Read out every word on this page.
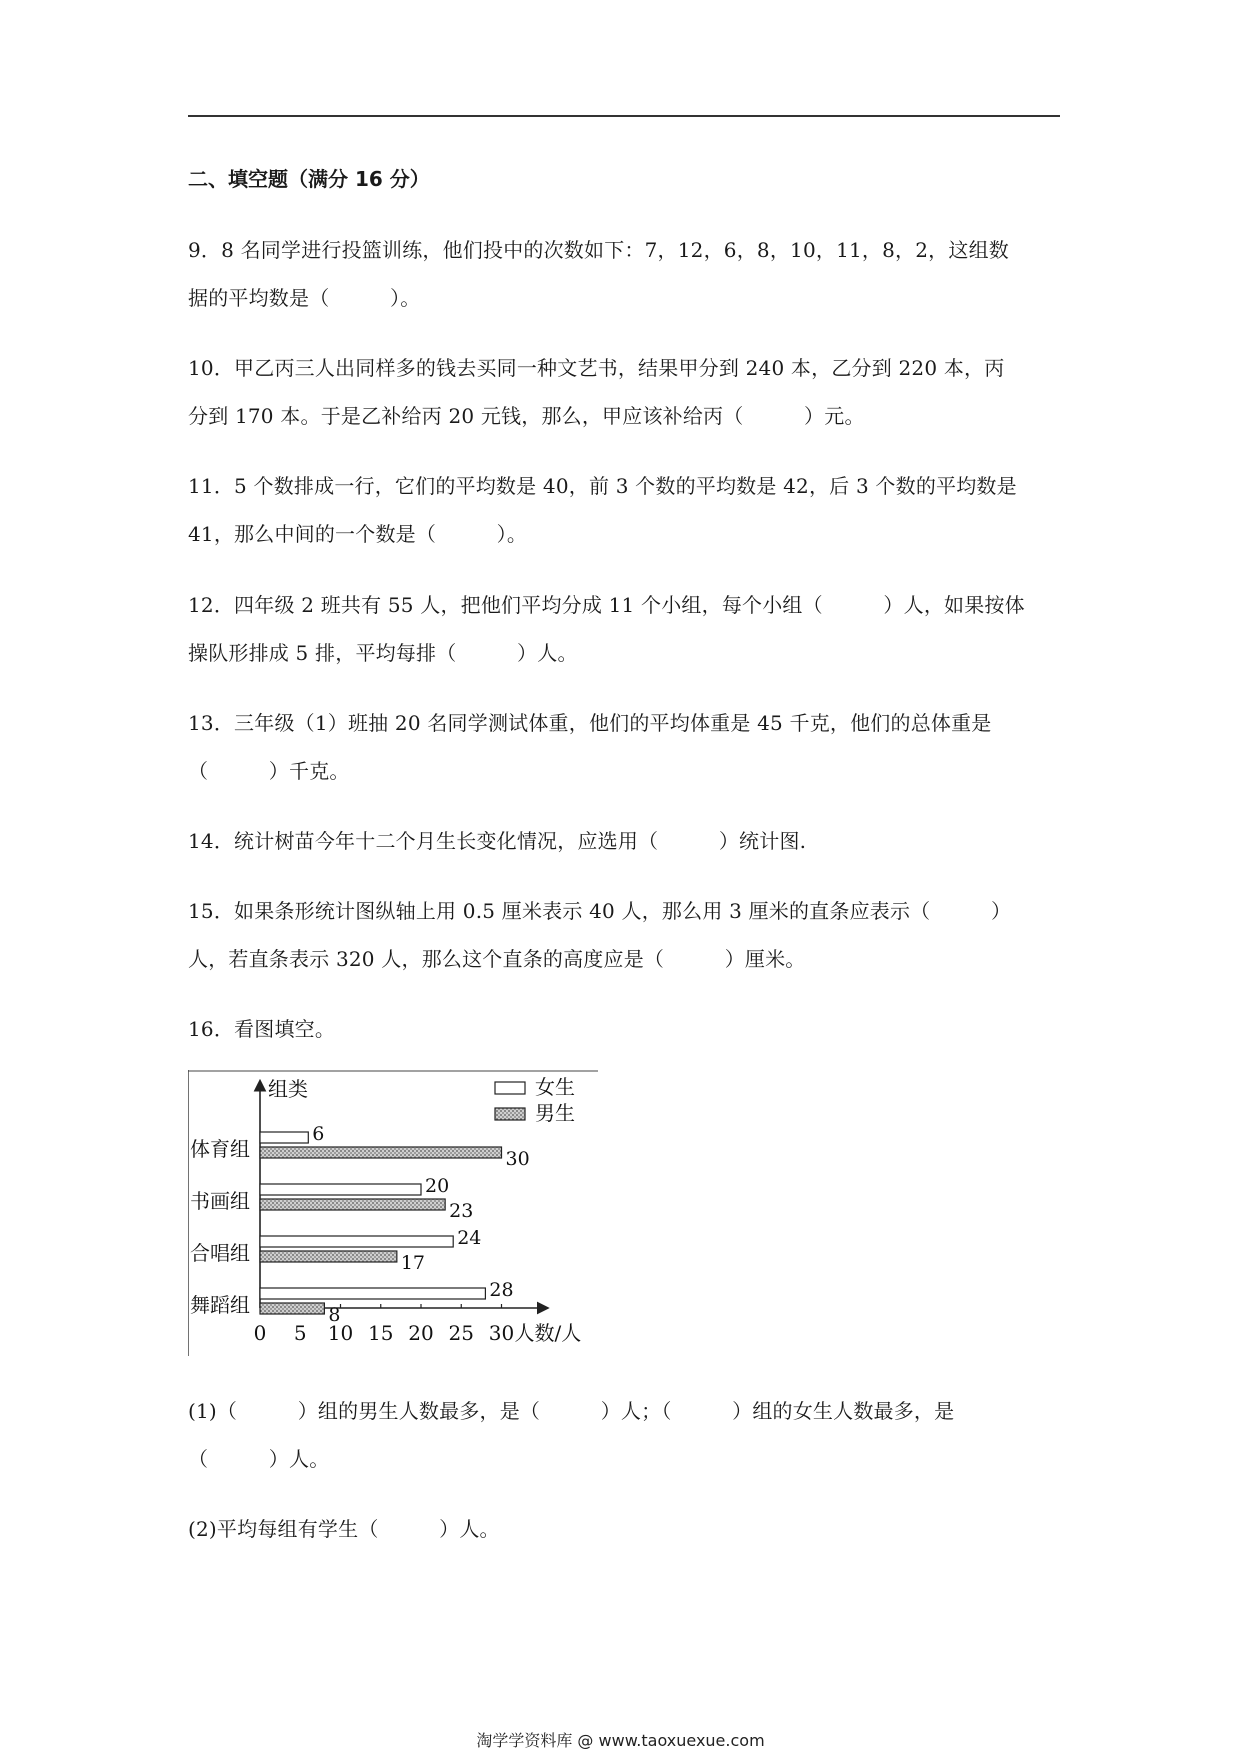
二、填空题（满分 16 分）
9．8 名同学进行投篮训练，他们投中的次数如下：7，12，6，8，10，11，8，2，这组数
据的平均数是（　　　）。
10．甲乙丙三人出同样多的钱去买同一种文艺书，结果甲分到 240 本，乙分到 220 本，丙
分到 170 本。于是乙补给丙 20 元钱，那么，甲应该补给丙（　　　）元。
11．5 个数排成一行，它们的平均数是 40，前 3 个数的平均数是 42，后 3 个数的平均数是
41，那么中间的一个数是（　　　）。
12．四年级 2 班共有 55 人，把他们平均分成 11 个小组，每个小组（　　　）人，如果按体
操队形排成 5 排，平均每排（　　　）人。
13．三年级（1）班抽 20 名同学测试体重，他们的平均体重是 45 千克，他们的总体重是
（　　　）千克。
14．统计树苗今年十二个月生长变化情况，应选用（　　　）统计图.
15．如果条形统计图纵轴上用 0.5 厘米表示 40 人，那么用 3 厘米的直条应表示（　　　）
人，若直条表示 320 人，那么这个直条的高度应是（　　　）厘米。
16．看图填空。
组类
人数/人
0 5 10 15 20 25 30
女生
男生
体育组
6
30
书画组
20
23
合唱组
24
17
舞蹈组
28
8
(1)（　　　）组的男生人数最多，是（　　　）人；（　　　）组的女生人数最多，是
（　　　）人。
(2)平均每组有学生（　　　）人。
淘学学资料库 @ www.taoxuexue.com
